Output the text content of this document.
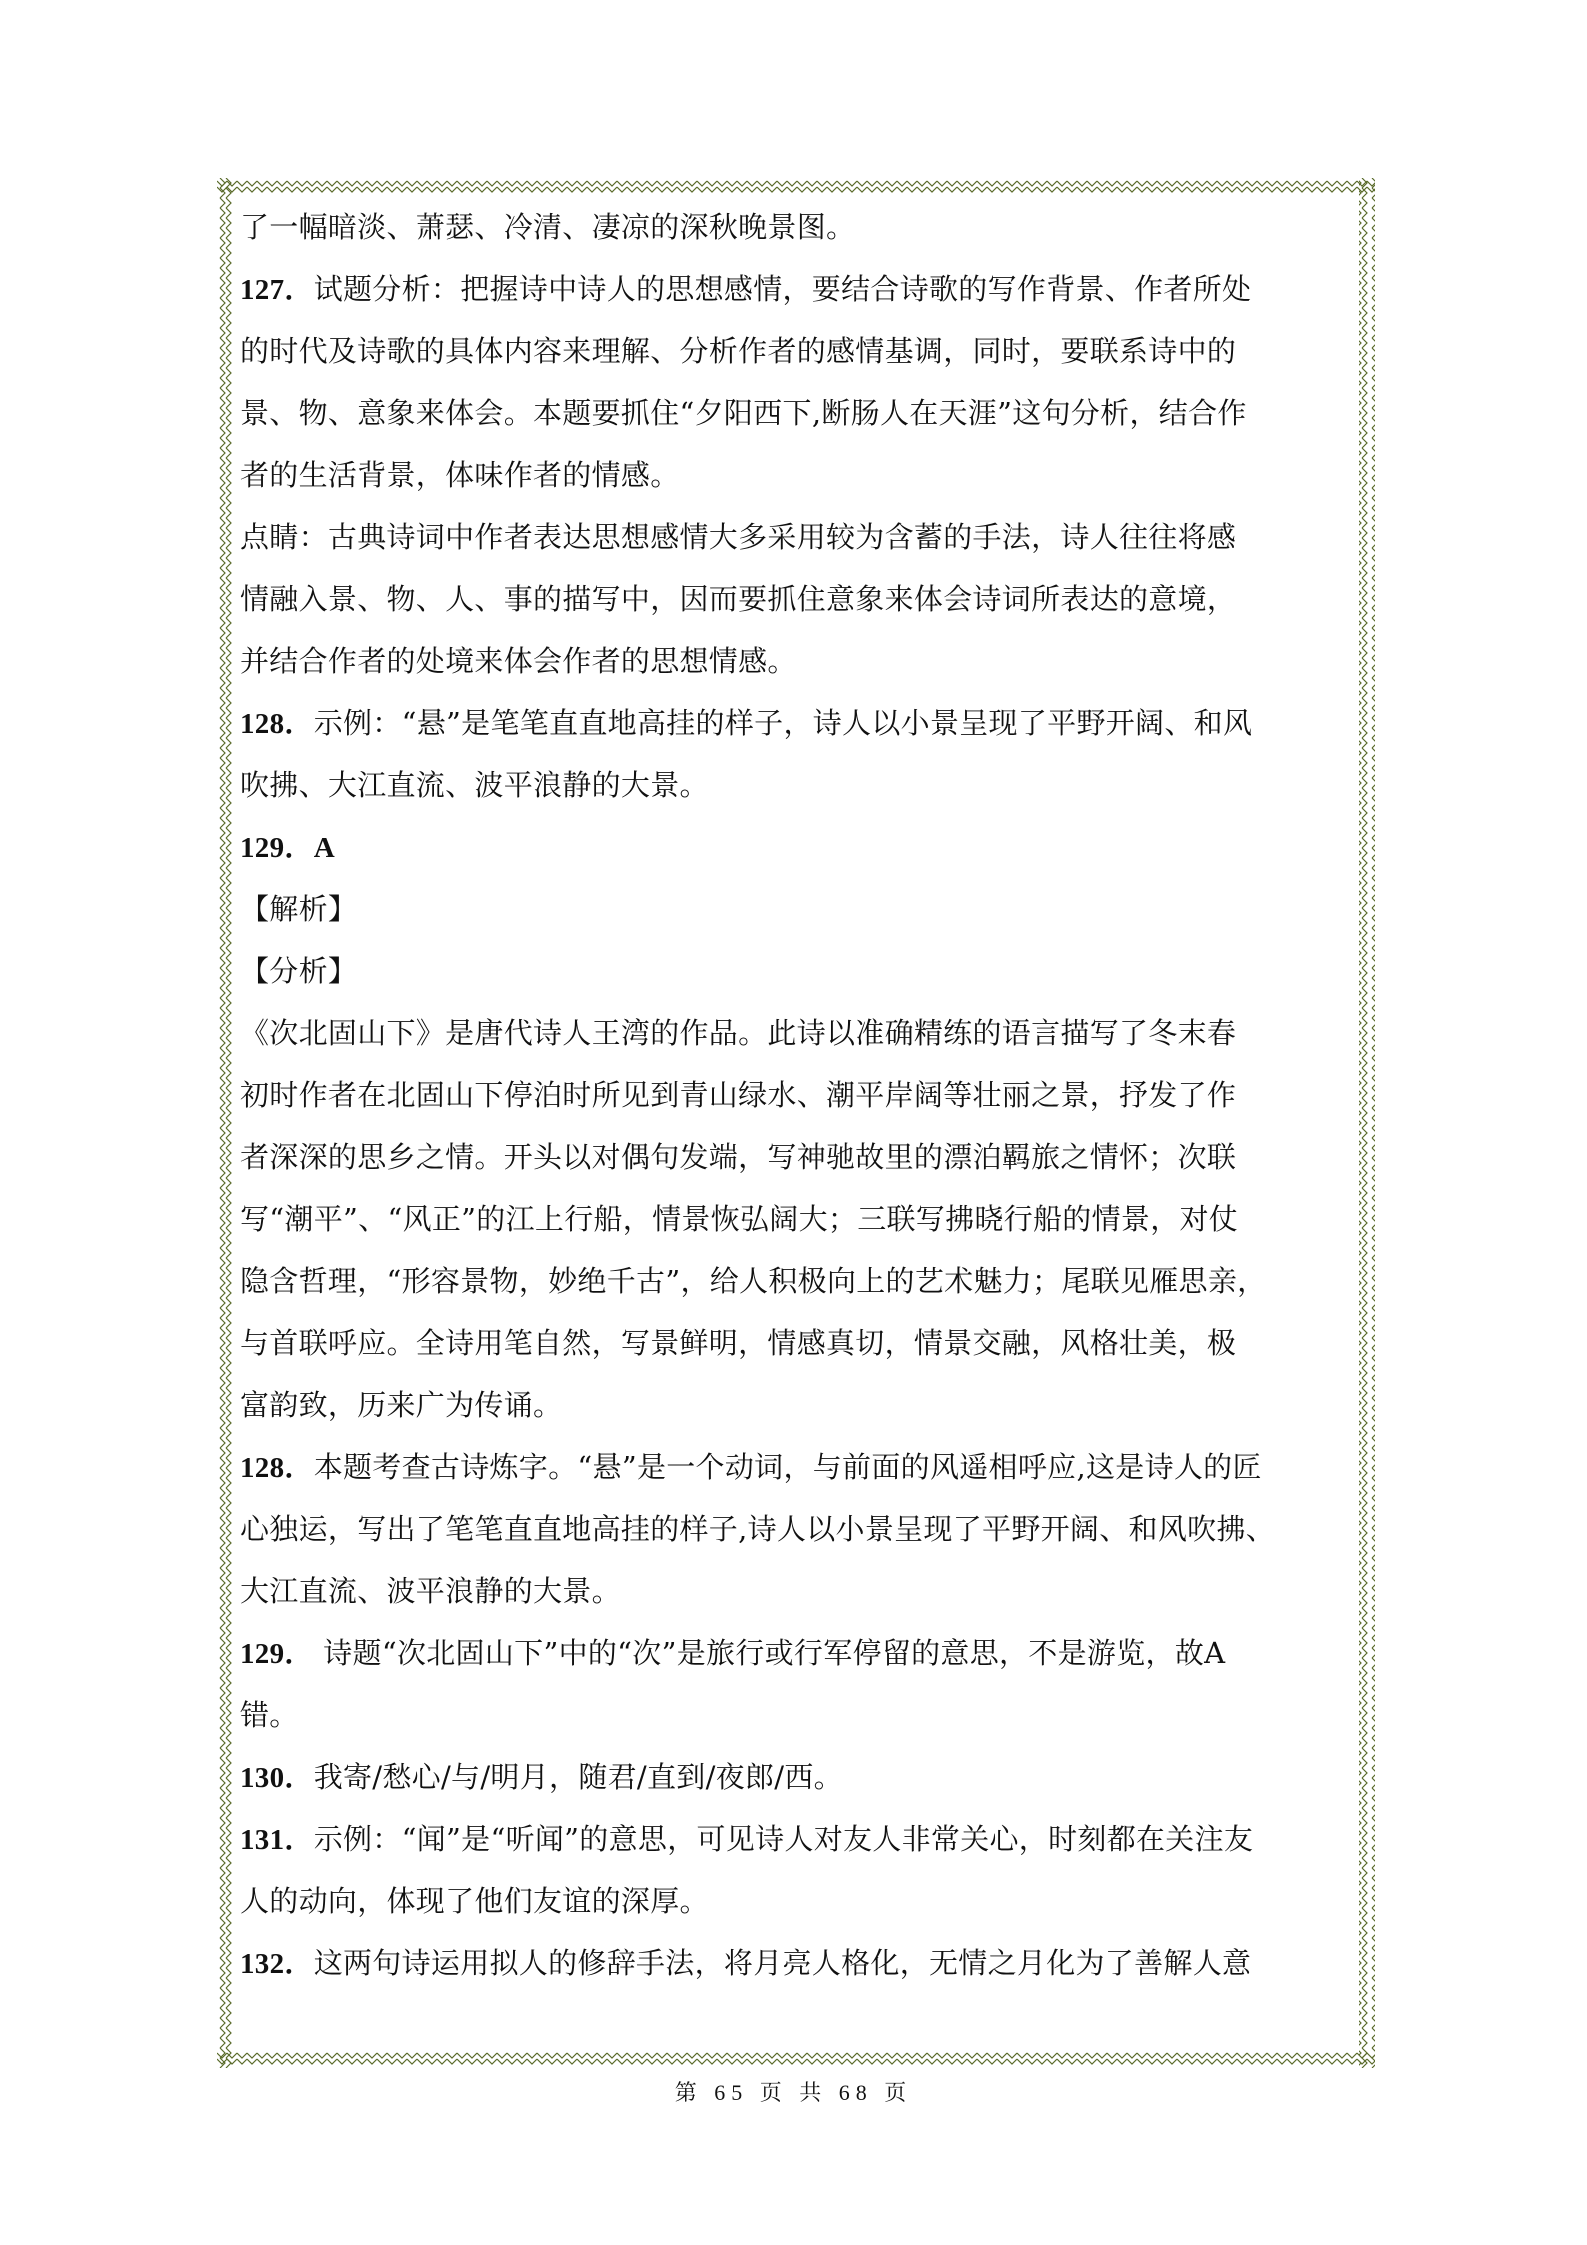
了一幅暗淡、萧瑟、冷清、凄凉的深秋晚景图。
127．试题分析：把握诗中诗人的思想感情，要结合诗歌的写作背景、作者所处
的时代及诗歌的具体内容来理解、分析作者的感情基调，同时，要联系诗中的
景、物、意象来体会。本题要抓住“夕阳西下,断肠人在天涯”这句分析，结合作
者的生活背景，体味作者的情感。
点睛：古典诗词中作者表达思想感情大多采用较为含蓄的手法，诗人往往将感
情融入景、物、人、事的描写中，因而要抓住意象来体会诗词所表达的意境，
并结合作者的处境来体会作者的思想情感。
128．示例：“悬”是笔笔直直地高挂的样子，诗人以小景呈现了平野开阔、和风
吹拂、大江直流、波平浪静的大景。
129．A
【解析】
【分析】
《次北固山下》是唐代诗人王湾的作品。此诗以准确精练的语言描写了冬末春
初时作者在北固山下停泊时所见到青山绿水、潮平岸阔等壮丽之景，抒发了作
者深深的思乡之情。开头以对偶句发端，写神驰故里的漂泊羁旅之情怀；次联
写“潮平”、“风正”的江上行船，情景恢弘阔大；三联写拂晓行船的情景，对仗
隐含哲理，“形容景物，妙绝千古”，给人积极向上的艺术魅力；尾联见雁思亲，
与首联呼应。全诗用笔自然，写景鲜明，情感真切，情景交融，风格壮美，极
富韵致，历来广为传诵。
128．本题考查古诗炼字。“悬”是一个动词，与前面的风遥相呼应,这是诗人的匠
心独运，写出了笔笔直直地高挂的样子,诗人以小景呈现了平野开阔、和风吹拂、
大江直流、波平浪静的大景。
129． 诗题“次北固山下”中的“次”是旅行或行军停留的意思，不是游览，故A
错。
130．我寄/愁心/与/明月，随君/直到/夜郎/西。
131．示例：“闻”是“听闻”的意思，可见诗人对友人非常关心，时刻都在关注友
人的动向，体现了他们友谊的深厚。
132．这两句诗运用拟人的修辞手法，将月亮人格化，无情之月化为了善解人意
第 65 页 共 68 页
